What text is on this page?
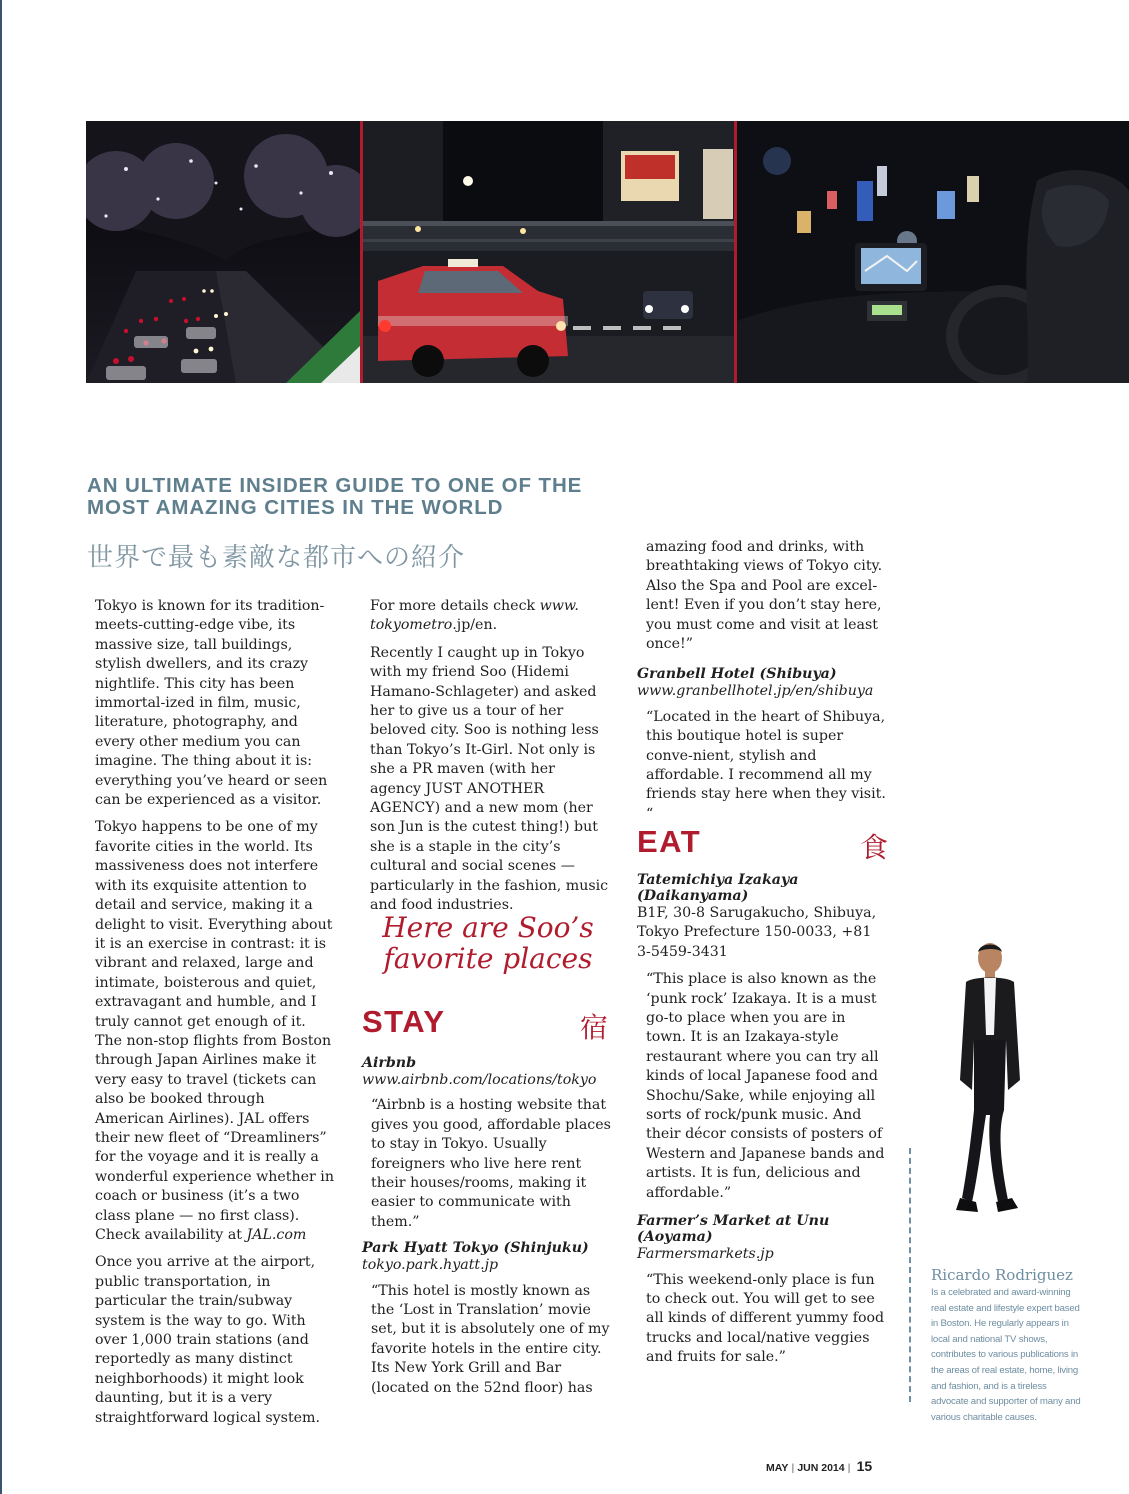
AN ULTIMATE INSIDER GUIDE TO ONE OF THE
MOST AMAZING CITIES IN THE WORLD
世界で最も素敵な都市への紹介

Tokyo is known for its tradition-meets-cutting-edge vibe, its massive size, tall buildings, stylish dwellers, and its crazy nightlife. This city has been immortal-ized in film, music, literature, photography, and every other medium you can imagine. The thing about it is: everything you’ve heard or seen can be experienced as a visitor.

Tokyo happens to be one of my favorite cities in the world. Its massiveness does not interfere with its exquisite attention to detail and service, making it a delight to visit. Everything about it is an exercise in contrast: it is vibrant and relaxed, large and intimate, boisterous and quiet, extravagant and humble, and I truly cannot get enough of it. The non-stop flights from Boston through Japan Airlines make it very easy to travel (tickets can also be booked through American Airlines). JAL offers their new fleet of “Dreamliners” for the voyage and it is really a wonderful experience whether in coach or business (it’s a two class plane — no first class). Check availability at JAL.com

Once you arrive at the airport, public transportation, in particular the train/subway system is the way to go. With over 1,000 train stations (and reportedly as many distinct neighborhoods) it might look daunting, but it is a very straightforward logical system.

For more details check www.
tokyometro.jp/en.

Recently I caught up in Tokyo with my friend Soo (Hidemi Hamano-Schlageter) and asked her to give us a tour of her beloved city. Soo is nothing less than Tokyo’s It-Girl. Not only is she a PR maven (with her agency JUST ANOTHER AGENCY) and a new mom (her son Jun is the cutest thing!) but she is a staple in the city’s cultural and social scenes — particularly in the fashion, music and food industries.

Here are Soo’s favorite places
STAY	宿
Airbnb
www.airbnb.com/locations/tokyo

“Airbnb is a hosting website that gives you good, affordable places to stay in Tokyo. Usually foreigners who live here rent their houses/rooms, making it easier to communicate with them.”

Park Hyatt Tokyo (Shinjuku)
tokyo.park.hyatt.jp

“This hotel is mostly known as the ‘Lost in Translation’ movie set, but it is absolutely one of my favorite hotels in the entire city. Its New York Grill and Bar (located on the 52nd floor) has

amazing food and drinks, with breathtaking views of Tokyo city. Also the Spa and Pool are excel-lent! Even if you don’t stay here, you must come and visit at least once!”

Granbell Hotel (Shibuya)
www.granbellhotel.jp/en/shibuya

“Located in the heart of Shibuya, this boutique hotel is super conve-nient, stylish and affordable. I recommend all my friends stay here when they visit. “

EAT	食
Tatemichiya Izakaya (Daikanyama)
B1F, 30-8 Sarugakucho, Shibuya, Tokyo Prefecture 150-0033, +81 3-5459-3431

“This place is also known as the ‘punk rock’ Izakaya. It is a must go-to place when you are in town. It is an Izakaya-style restaurant where you can try all kinds of local Japanese food and Shochu/Sake, while enjoying all sorts of rock/punk music. And their décor consists of posters of Western and Japanese bands and artists. It is fun, delicious and affordable.”

Farmer’s Market at Unu (Aoyama)
Farmersmarkets.jp

“This weekend-only place is fun to check out. You will get to see all kinds of different yummy food trucks and local/native veggies and fruits for sale.”

Ricardo Rodriguez
Is a celebrated and award-winning real estate and lifestyle expert based in Boston. He regularly appears in local and national TV shows, contributes to various publications in the areas of real estate, home, living and fashion, and is a tireless advocate and supporter of many and various charitable causes.
MAY | JUN 2014 | 15
